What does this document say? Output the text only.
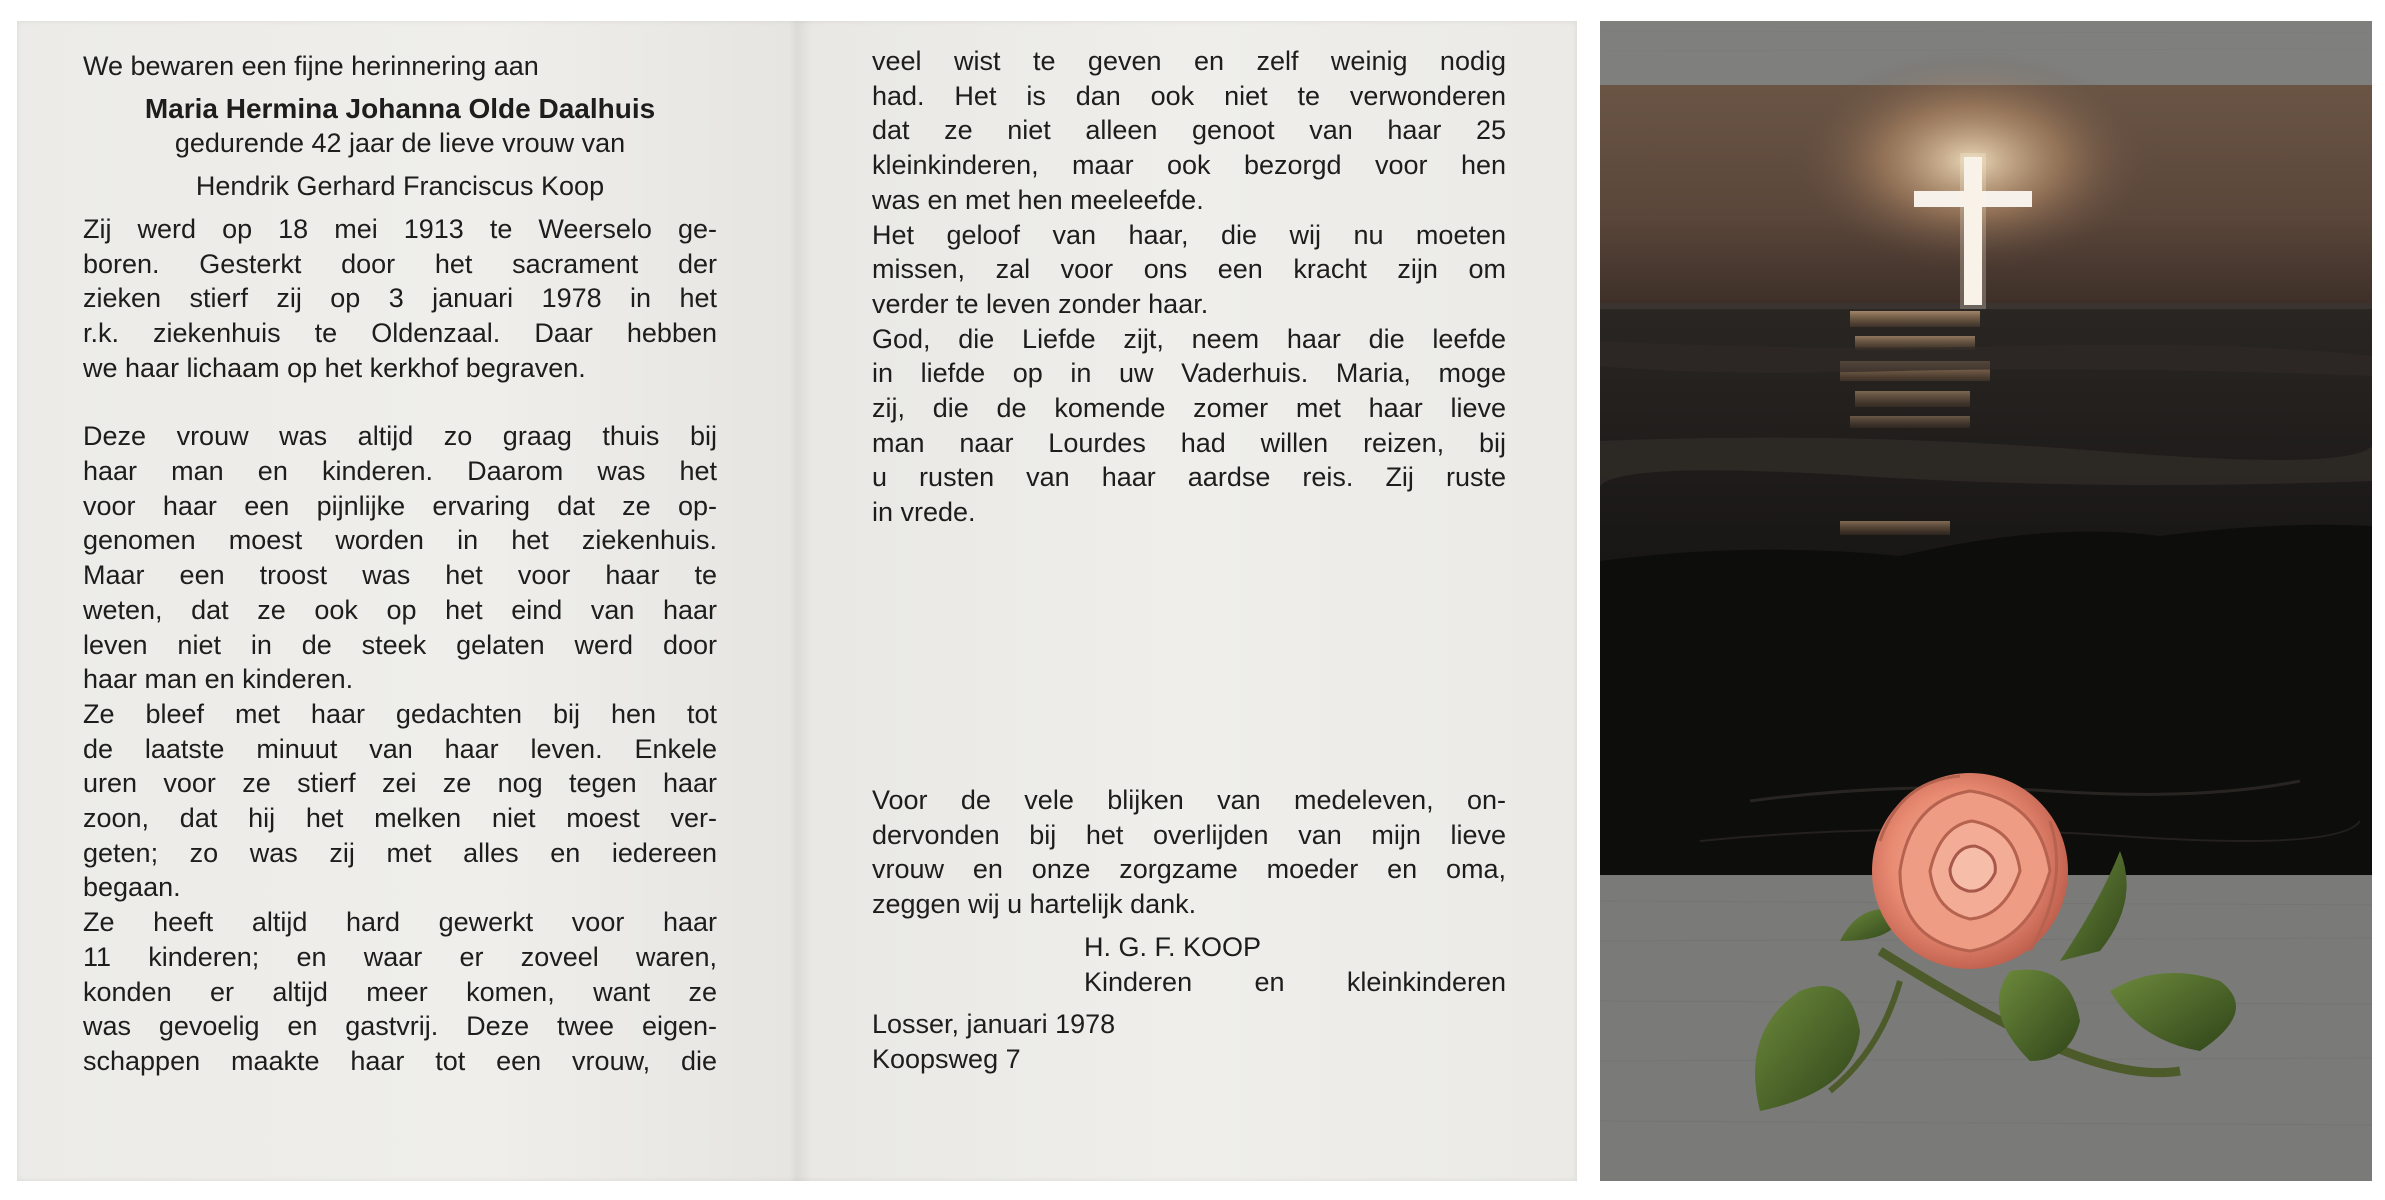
We bewaren een fijne herinnering aan
Maria Hermina Johanna Olde Daalhuis
gedurende 42 jaar de lieve vrouw van
Hendrik Gerhard Franciscus Koop
Zij werd op 18 mei 1913 te Weerselo ge-
boren. Gesterkt door het sacrament der
zieken stierf zij op 3 januari 1978 in het
r.k. ziekenhuis te Oldenzaal. Daar hebben
we haar lichaam op het kerkhof begraven.
Deze vrouw was altijd zo graag thuis bij
haar man en kinderen. Daarom was het
voor haar een pijnlijke ervaring dat ze op-
genomen moest worden in het ziekenhuis.
Maar een troost was het voor haar te
weten, dat ze ook op het eind van haar
leven niet in de steek gelaten werd door
haar man en kinderen.
Ze bleef met haar gedachten bij hen tot
de laatste minuut van haar leven. Enkele
uren voor ze stierf zei ze nog tegen haar
zoon, dat hij het melken niet moest ver-
geten; zo was zij met alles en iedereen
begaan.
Ze heeft altijd hard gewerkt voor haar
11 kinderen; en waar er zoveel waren,
konden er altijd meer komen, want ze
was gevoelig en gastvrij. Deze twee eigen-
schappen maakte haar tot een vrouw, die
veel wist te geven en zelf weinig nodig
had. Het is dan ook niet te verwonderen
dat ze niet alleen genoot van haar 25
kleinkinderen, maar ook bezorgd voor hen
was en met hen meeleefde.
Het geloof van haar, die wij nu moeten
missen, zal voor ons een kracht zijn om
verder te leven zonder haar.
God, die Liefde zijt, neem haar die leefde
in liefde op in uw Vaderhuis. Maria, moge
zij, die de komende zomer met haar lieve
man naar Lourdes had willen reizen, bij
u rusten van haar aardse reis. Zij ruste
in vrede.
Voor de vele blijken van medeleven, on-
dervonden bij het overlijden van mijn lieve
vrouw en onze zorgzame moeder en oma,
zeggen wij u hartelijk dank.
H. G. F. KOOP
Kinderen en kleinkinderen
Losser, januari 1978
Koopsweg 7
